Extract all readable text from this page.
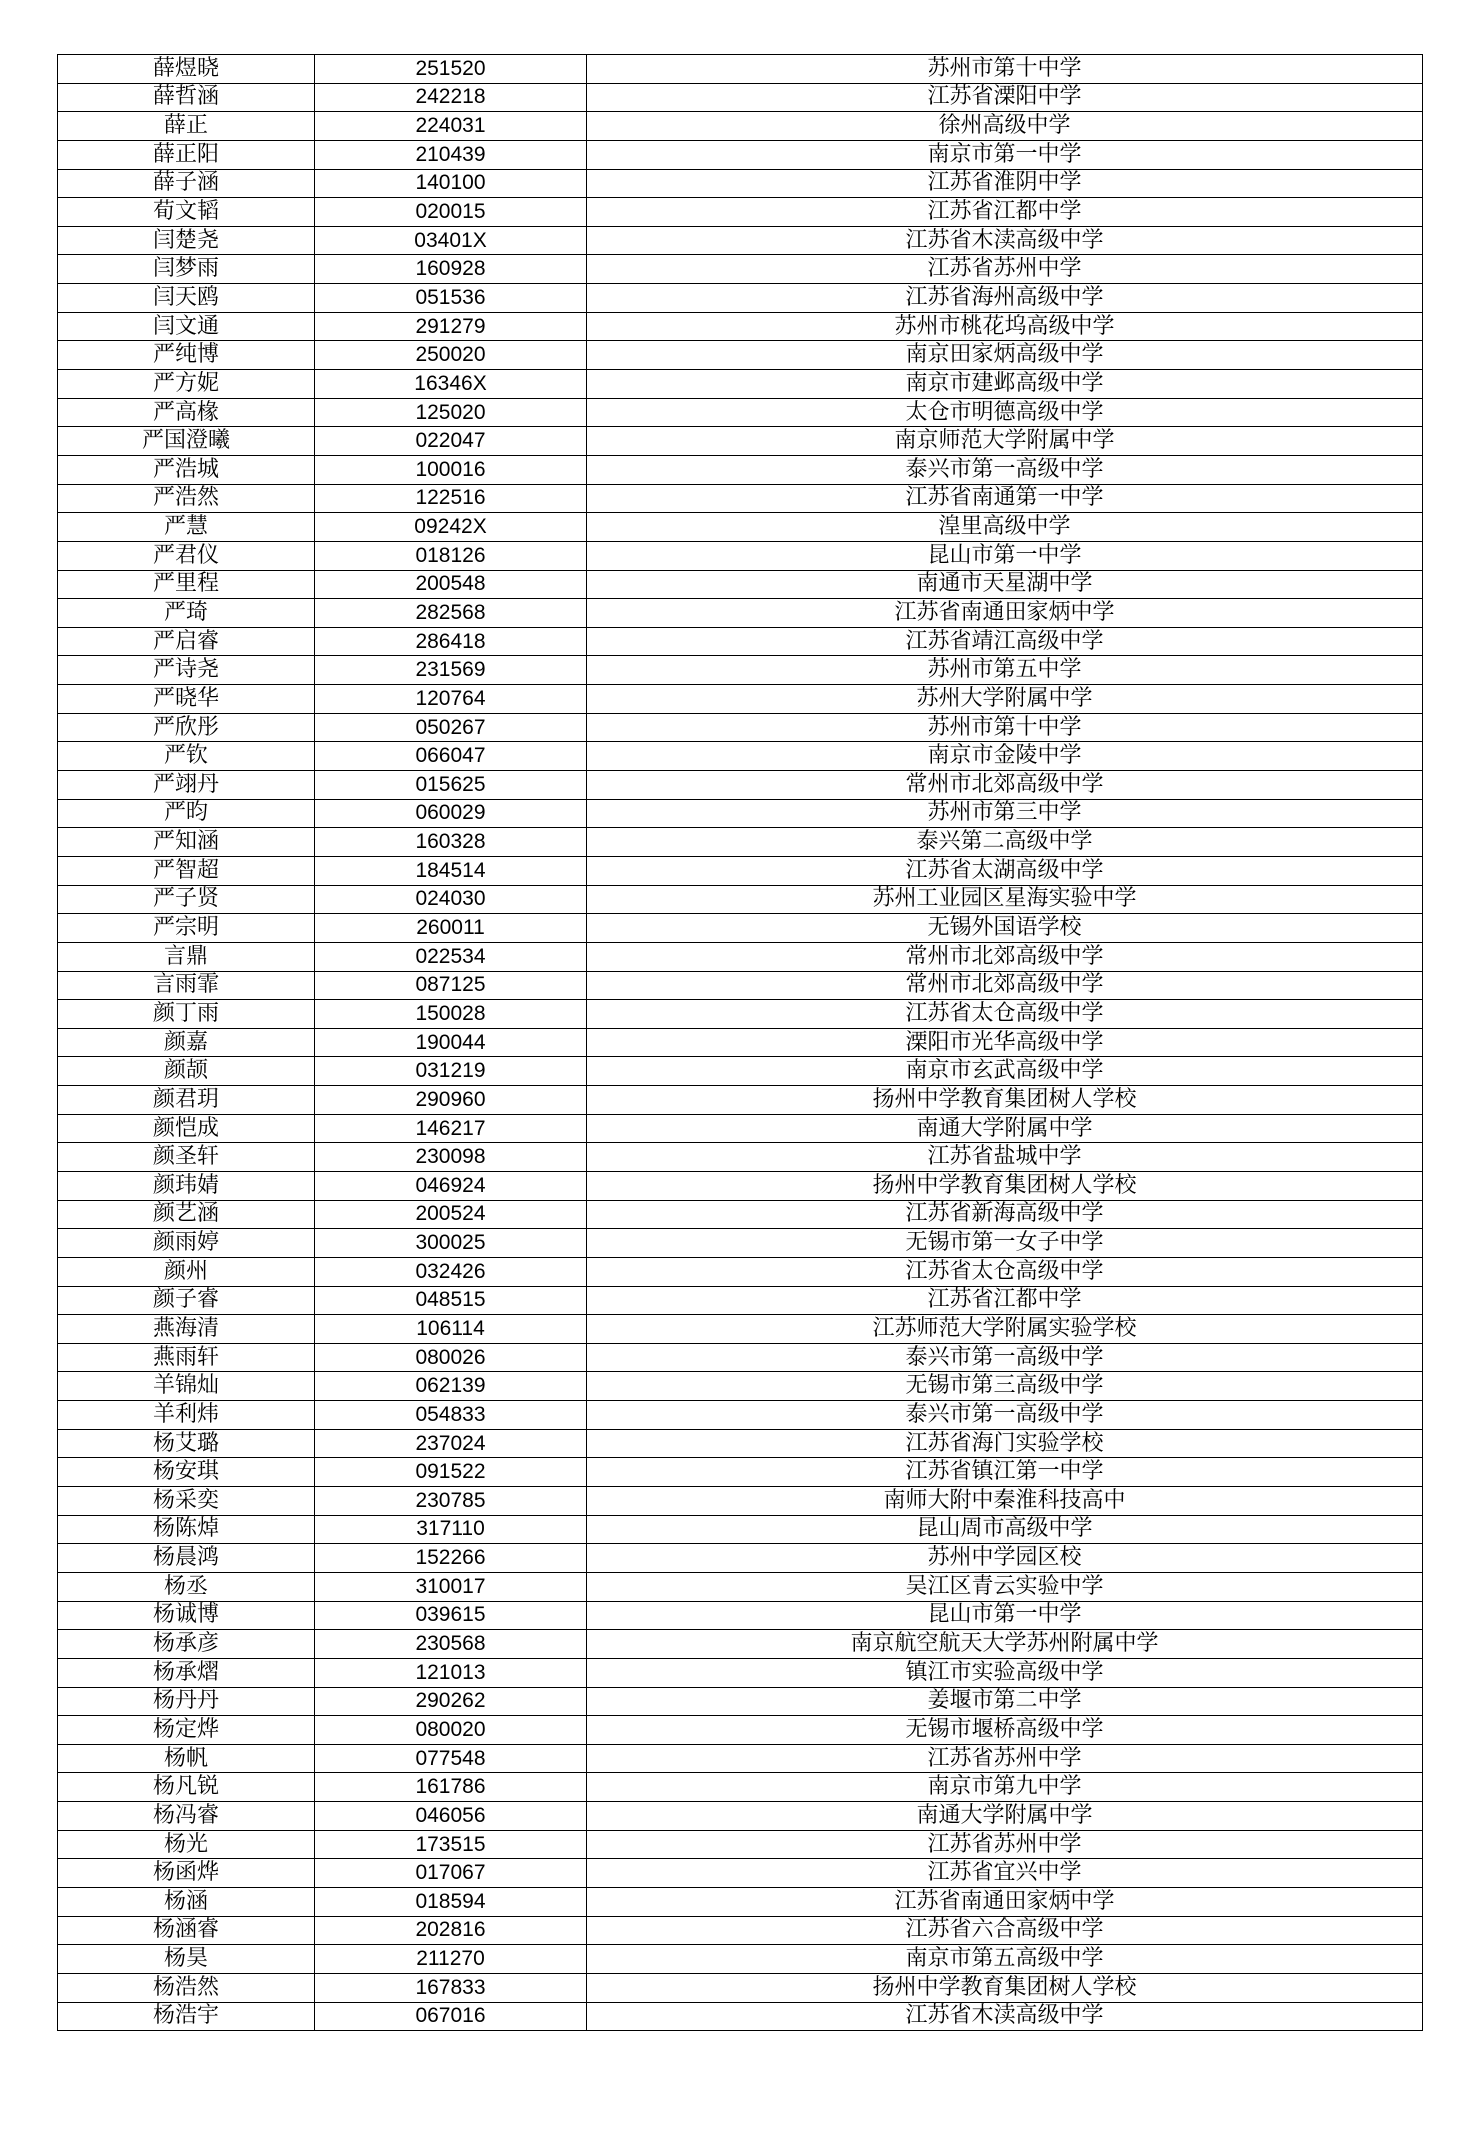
薛煜晓	251520	苏州市第十中学
薛哲涵	242218	江苏省溧阳中学
薛正	224031	徐州高级中学
薛正阳	210439	南京市第一中学
薛子涵	140100	江苏省淮阴中学
荀文韬	020015	江苏省江都中学
闫楚尧	03401X	江苏省木渎高级中学
闫梦雨	160928	江苏省苏州中学
闫天鸥	051536	江苏省海州高级中学
闫文通	291279	苏州市桃花坞高级中学
严纯博	250020	南京田家炳高级中学
严方妮	16346X	南京市建邺高级中学
严高椽	125020	太仓市明德高级中学
严国澄曦	022047	南京师范大学附属中学
严浩城	100016	泰兴市第一高级中学
严浩然	122516	江苏省南通第一中学
严慧	09242X	湟里高级中学
严君仪	018126	昆山市第一中学
严里程	200548	南通市天星湖中学
严琦	282568	江苏省南通田家炳中学
严启睿	286418	江苏省靖江高级中学
严诗尧	231569	苏州市第五中学
严晓华	120764	苏州大学附属中学
严欣彤	050267	苏州市第十中学
严钦	066047	南京市金陵中学
严翊丹	015625	常州市北郊高级中学
严昀	060029	苏州市第三中学
严知涵	160328	泰兴第二高级中学
严智超	184514	江苏省太湖高级中学
严子贤	024030	苏州工业园区星海实验中学
严宗明	260011	无锡外国语学校
言鼎	022534	常州市北郊高级中学
言雨霏	087125	常州市北郊高级中学
颜丁雨	150028	江苏省太仓高级中学
颜嘉	190044	溧阳市光华高级中学
颜颉	031219	南京市玄武高级中学
颜君玥	290960	扬州中学教育集团树人学校
颜恺成	146217	南通大学附属中学
颜圣轩	230098	江苏省盐城中学
颜玮婧	046924	扬州中学教育集团树人学校
颜艺涵	200524	江苏省新海高级中学
颜雨婷	300025	无锡市第一女子中学
颜州	032426	江苏省太仓高级中学
颜子睿	048515	江苏省江都中学
燕海清	106114	江苏师范大学附属实验学校
燕雨轩	080026	泰兴市第一高级中学
羊锦灿	062139	无锡市第三高级中学
羊利炜	054833	泰兴市第一高级中学
杨艾璐	237024	江苏省海门实验学校
杨安琪	091522	江苏省镇江第一中学
杨采奕	230785	南师大附中秦淮科技高中
杨陈焯	317110	昆山周市高级中学
杨晨鸿	152266	苏州中学园区校
杨丞	310017	吴江区青云实验中学
杨诚博	039615	昆山市第一中学
杨承彦	230568	南京航空航天大学苏州附属中学
杨承熠	121013	镇江市实验高级中学
杨丹丹	290262	姜堰市第二中学
杨定烨	080020	无锡市堰桥高级中学
杨帆	077548	江苏省苏州中学
杨凡锐	161786	南京市第九中学
杨冯睿	046056	南通大学附属中学
杨光	173515	江苏省苏州中学
杨函烨	017067	江苏省宜兴中学
杨涵	018594	江苏省南通田家炳中学
杨涵睿	202816	江苏省六合高级中学
杨昊	211270	南京市第五高级中学
杨浩然	167833	扬州中学教育集团树人学校
杨浩宇	067016	江苏省木渎高级中学
